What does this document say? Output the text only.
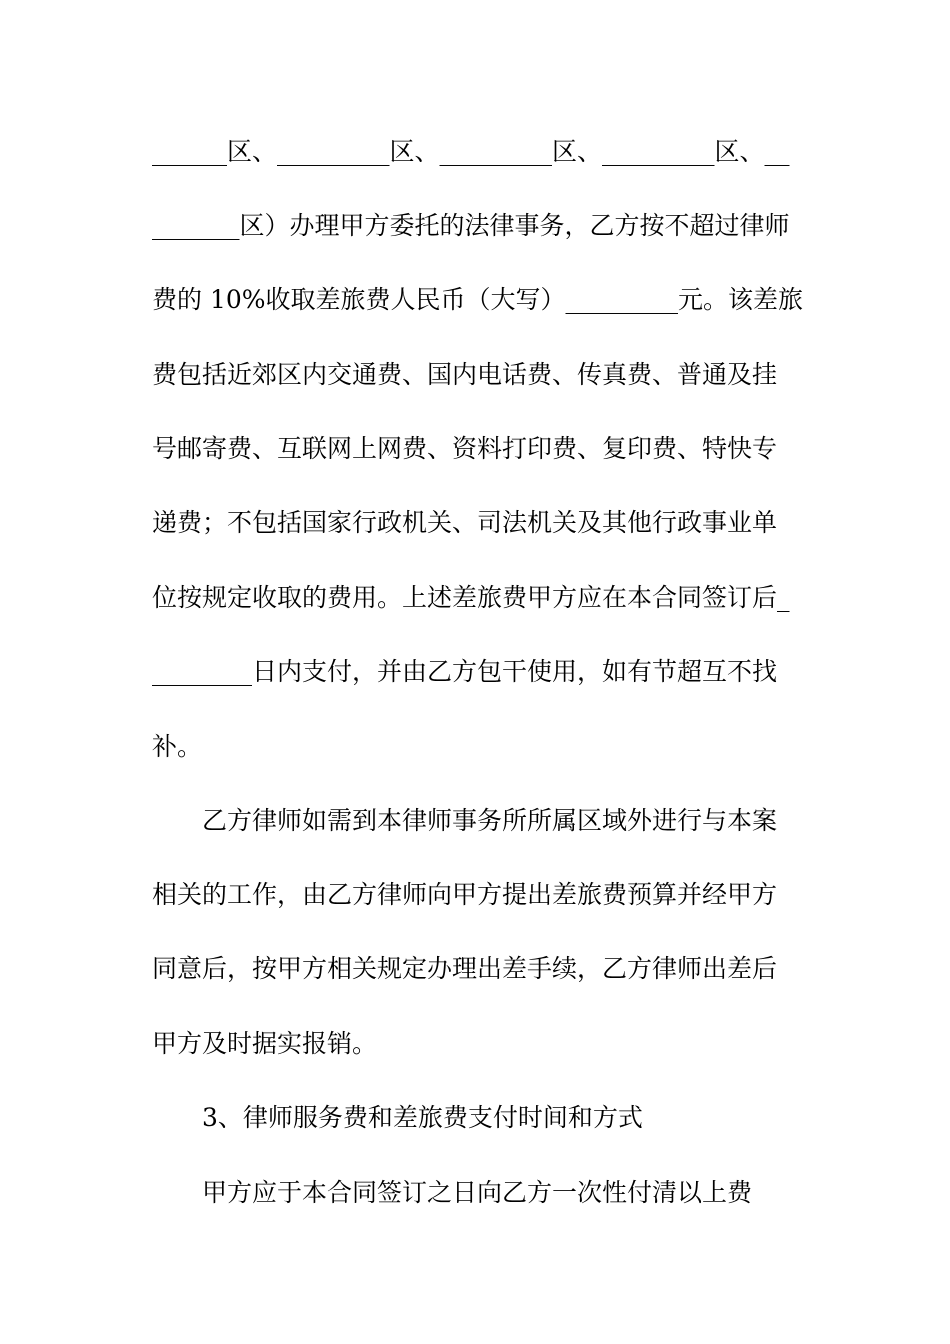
______区、_________区、_________区、_________区、__
_______区）办理甲方委托的法律事务，乙方按不超过律师
费的 10%收取差旅费人民币（大写）_________元。该差旅
费包括近郊区内交通费、国内电话费、传真费、普通及挂
号邮寄费、互联网上网费、资料打印费、复印费、特快专
递费；不包括国家行政机关、司法机关及其他行政事业单
位按规定收取的费用。上述差旅费甲方应在本合同签订后_
________日内支付，并由乙方包干使用，如有节超互不找
补。
乙方律师如需到本律师事务所所属区域外进行与本案
相关的工作，由乙方律师向甲方提出差旅费预算并经甲方
同意后，按甲方相关规定办理出差手续，乙方律师出差后
甲方及时据实报销。
3、律师服务费和差旅费支付时间和方式
甲方应于本合同签订之日向乙方一次性付清以上费
